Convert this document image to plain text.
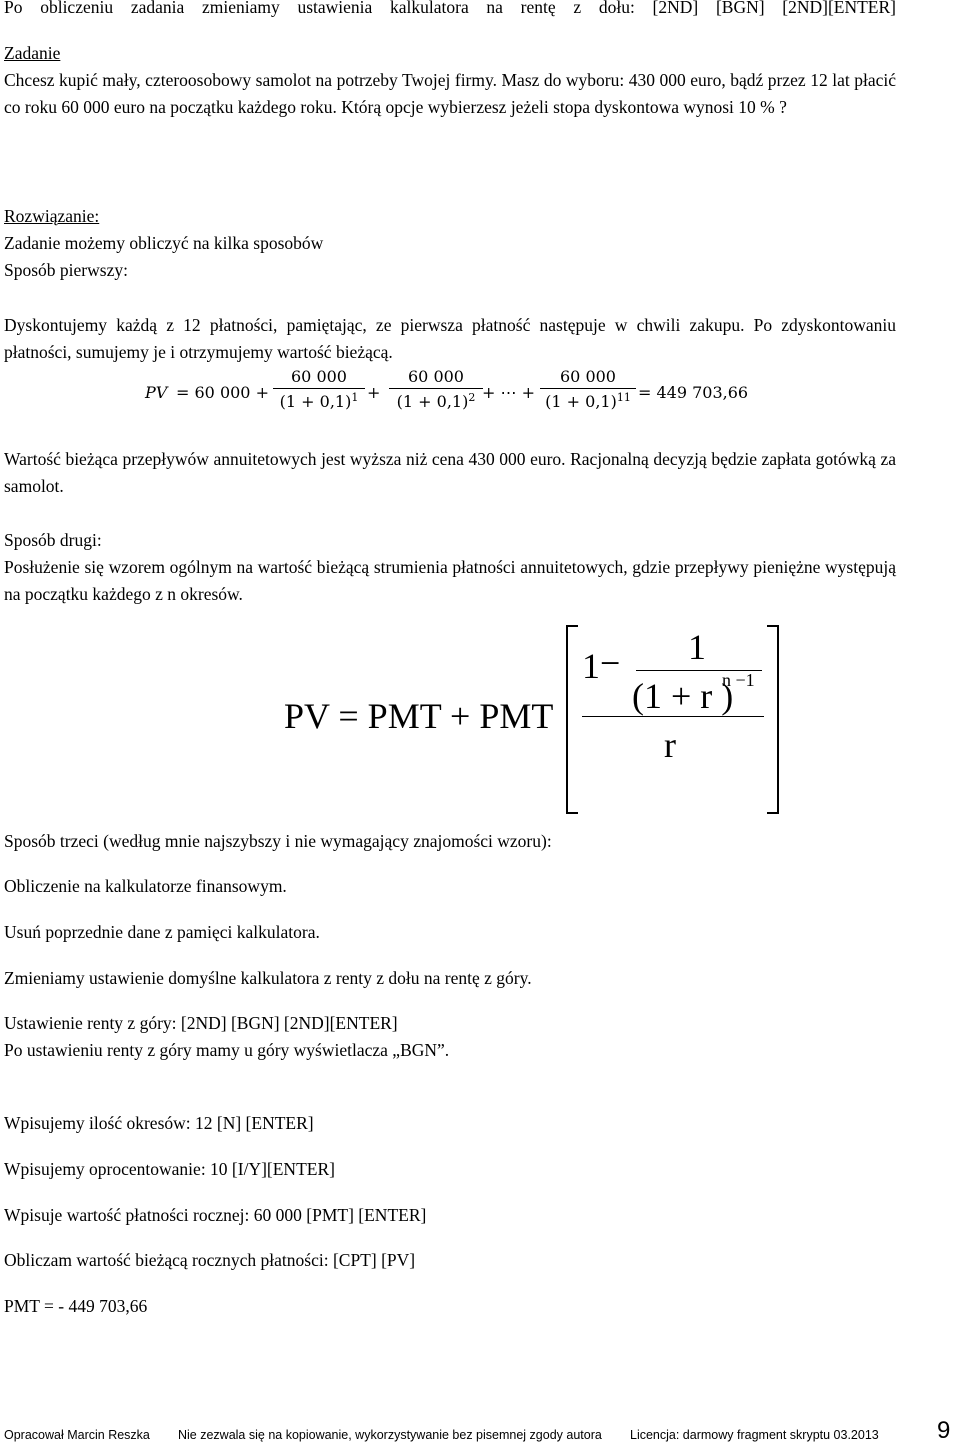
Po obliczeniu zadania zmieniamy ustawienia kalkulatora na rentę z dołu: [2ND] [BGN] [2ND][ENTER]
Zadanie

Chcesz kupić mały, czteroosobowy samolot na potrzeby Twojej firmy. Masz do wyboru: 430 000 euro, bądź przez 12 lat płacić co roku 60 000 euro na początku każdego roku. Którą opcje wybierzesz jeżeli stopa dyskontowa wynosi 10 % ?

Rozwiązanie:
Zadanie możemy obliczyć na kilka sposobów
Sposób pierwszy:

Dyskontujemy każdą z 12 płatności, pamiętając, ze pierwsza płatność następuje w chwili zakupu. Po zdyskontowaniu płatności, sumujemy je i otrzymujemy wartość bieżącą.

PV = 60 000 +
60 000
$(1 + 0,1)^1$ +
60 000
$(1 + 0,1)^2$ + ⋯ +
60 000
$(1 + 0,1)^{11} = 449$ 703,66

Wartość bieżąca przepływów annuitetowych jest wyższa niż cena 430 000 euro. Racjonalną decyzją będzie zapłata gotówką za samolot.

Sposób drugi:

Posłużenie się wzorem ogólnym na wartość bieżącą strumienia płatności annuitetowych, gdzie przepływy pieniężne występują na początku każdego z n okresów.

PV = PMT + PMT
1 − 1
(1 + r )
n −1
r
Sposób trzeci (według mnie najszybszy i nie wymagający znajomości wzoru):
Obliczenie na kalkulatorze finansowym.
Usuń poprzednie dane z pamięci kalkulatora.
Zmieniamy ustawienie domyślne kalkulatora z renty z dołu na rentę z góry.
Ustawienie renty z góry: [2ND] [BGN] [2ND][ENTER]
Po ustawieniu renty z góry mamy u góry wyświetlacza „BGN”.
Wpisujemy ilość okresów: 12 [N] [ENTER]
Wpisujemy oprocentowanie: 10 [I/Y][ENTER]
Wpisuje wartość płatności rocznej: 60 000 [PMT] [ENTER]
Obliczam wartość bieżącą rocznych płatności: [CPT] [PV]
PMT = - 449 703,66
Opracował Marcin Reszka Nie zezwala się na kopiowanie, wykorzystywanie bez pisemnej zgody autora Licencja: darmowy fragment skryptu 03.2013 9
